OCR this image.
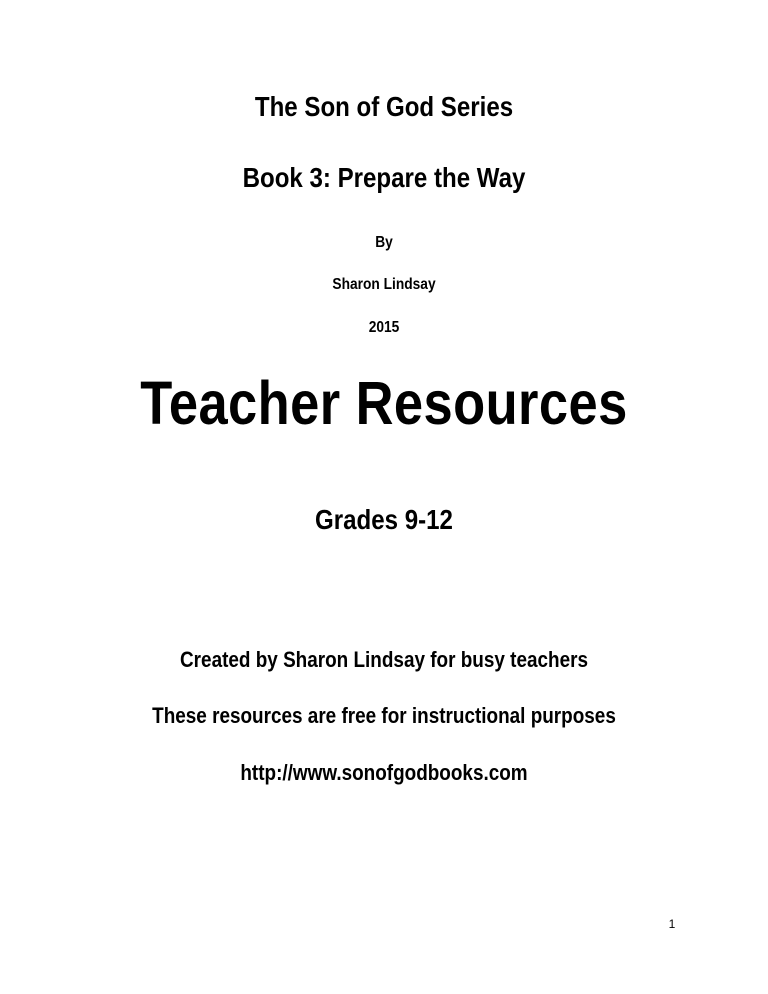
The Son of God Series
Book 3: Prepare the Way
By
Sharon Lindsay
2015
Teacher Resources
Grades 9-12
Created by Sharon Lindsay for busy teachers
These resources are free for instructional purposes
http://www.sonofgodbooks.com
1
